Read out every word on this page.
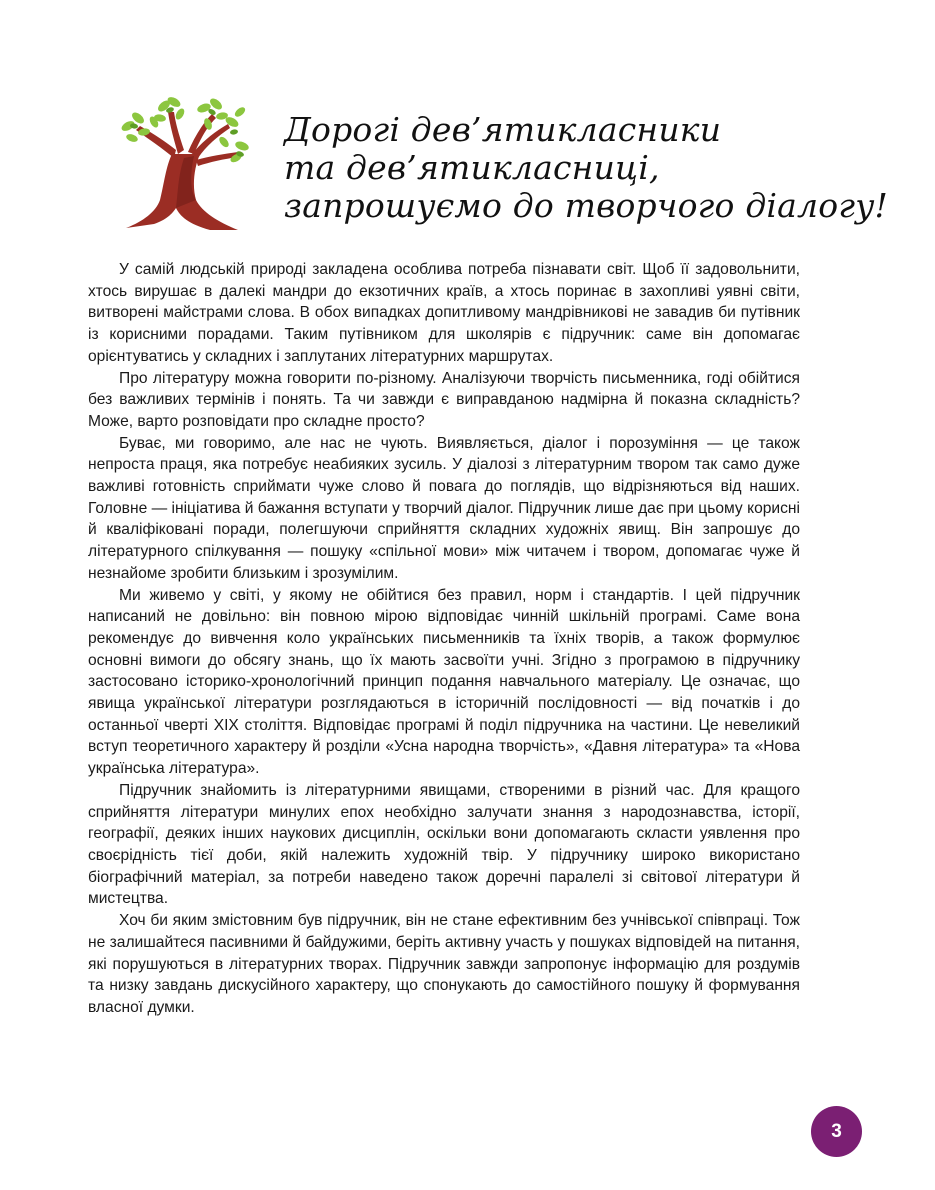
Дорогі дев’ятикласники
та дев’ятикласниці,
запрошуємо до творчого діалогу!

У самій людській природі закладена особлива потреба пізнавати світ. Щоб її задовольнити, хтось вирушає в далекі мандри до екзотичних країв, а хтось поринає в захопливі уявні світи, витворені майстрами слова. В обох випадках допитливому мандрівникові не завадив би путівник із корисними порадами. Таким путівником для школярів є підручник: саме він допомагає орієнтуватись у складних і заплутаних літературних маршрутах.

Про літературу можна говорити по-різному. Аналізуючи творчість письменника, годі обійтися без важливих термінів і понять. Та чи завжди є виправданою надмірна й показна складність? Може, варто розповідати про складне просто?

Буває, ми говоримо, але нас не чують. Виявляється, діалог і порозуміння — це також непроста праця, яка потребує неабияких зусиль. У діалозі з літературним твором так само дуже важливі готовність сприймати чуже слово й повага до поглядів, що відрізняються від наших. Головне — ініціатива й бажання вступати у творчий діалог. Підручник лише дає при цьому корисні й кваліфіковані поради, полегшуючи сприйняття складних художніх явищ. Він запрошує до літературного спілкування — пошуку «спільної мови» між читачем і твором, допомагає чуже й незнайоме зробити близьким і зрозумілим.

Ми живемо у світі, у якому не обійтися без правил, норм і стандартів. І цей підручник написаний не довільно: він повною мірою відповідає чинній шкільній програмі. Саме вона рекомендує до вивчення коло українських письменників та їхніх творів, а також формулює основні вимоги до обсягу знань, що їх мають засвоїти учні. Згідно з програмою в підручнику застосовано історико-хронологічний принцип подання навчального матеріалу. Це означає, що явища української літератури розглядаються в історичній послідовності — від початків і до останньої чверті ХІХ століття. Відповідає програмі й поділ підручника на частини. Це невеликий вступ теоретичного характеру й розділи «Усна народна творчість», «Давня література» та «Нова українська література».

Підручник знайомить із літературними явищами, створеними в різний час. Для кращого сприйняття літератури минулих епох необхідно залучати знання з народознавства, історії, географії, деяких інших наукових дисциплін, оскільки вони допомагають скласти уявлення про своєрідність тієї доби, якій належить художній твір. У підручнику широко використано біографічний матеріал, за потреби наведено також доречні паралелі зі світової літератури й мистецтва.

Хоч би яким змістовним був підручник, він не стане ефективним без учнівської співпраці. Тож не залишайтеся пасивними й байдужими, беріть активну участь у пошуках відповідей на питання, які порушуються в літературних творах. Підручник завжди запропонує інформацію для роздумів та низку завдань дискусійного характеру, що спонукають до самостійного пошуку й формування власної думки.

3
